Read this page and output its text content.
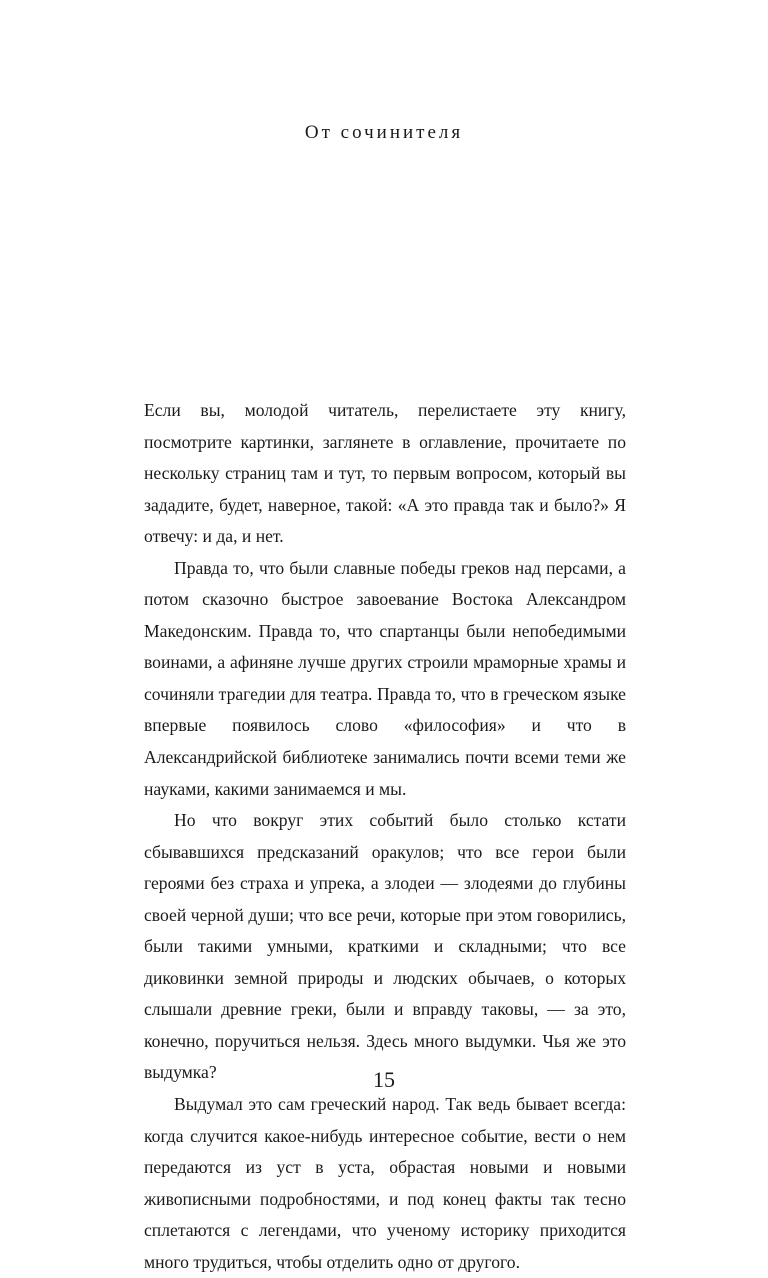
От сочинителя

Если вы, молодой читатель, перелистаете эту книгу, посмотрите картинки, заглянете в оглавление, прочитаете по нескольку страниц там и тут, то первым вопросом, который вы зададите, будет, наверное, такой: «А это правда так и было?» Я отвечу: и да, и нет.

Правда то, что были славные победы греков над персами, а потом сказочно быстрое завоевание Востока Александром Македонским. Правда то, что спартанцы были непобедимыми воинами, а афиняне лучше других строили мраморные храмы и сочиняли трагедии для театра. Правда то, что в греческом языке впервые появилось слово «философия» и что в Александрийской библиотеке занимались почти всеми теми же науками, какими занимаемся и мы.

Но что вокруг этих событий было столько кстати сбывавшихся предсказаний оракулов; что все герои были героями без страха и упрека, а злодеи — злодеями до глубины своей черной души; что все речи, которые при этом говорились, были такими умными, краткими и складными; что все диковинки земной природы и людских обычаев, о которых слышали древние греки, были и вправду таковы, — за это, конечно, поручиться нельзя. Здесь много выдумки. Чья же это выдумка?

Выдумал это сам греческий народ. Так ведь бывает всегда: когда случится какое-нибудь интересное событие, вести о нем передаются из уст в уста, обрастая новыми и новыми живописными подробностями, и под конец факты так тесно сплетаются с легендами, что ученому историку приходится много трудиться, чтобы отделить одно от другого.

15
